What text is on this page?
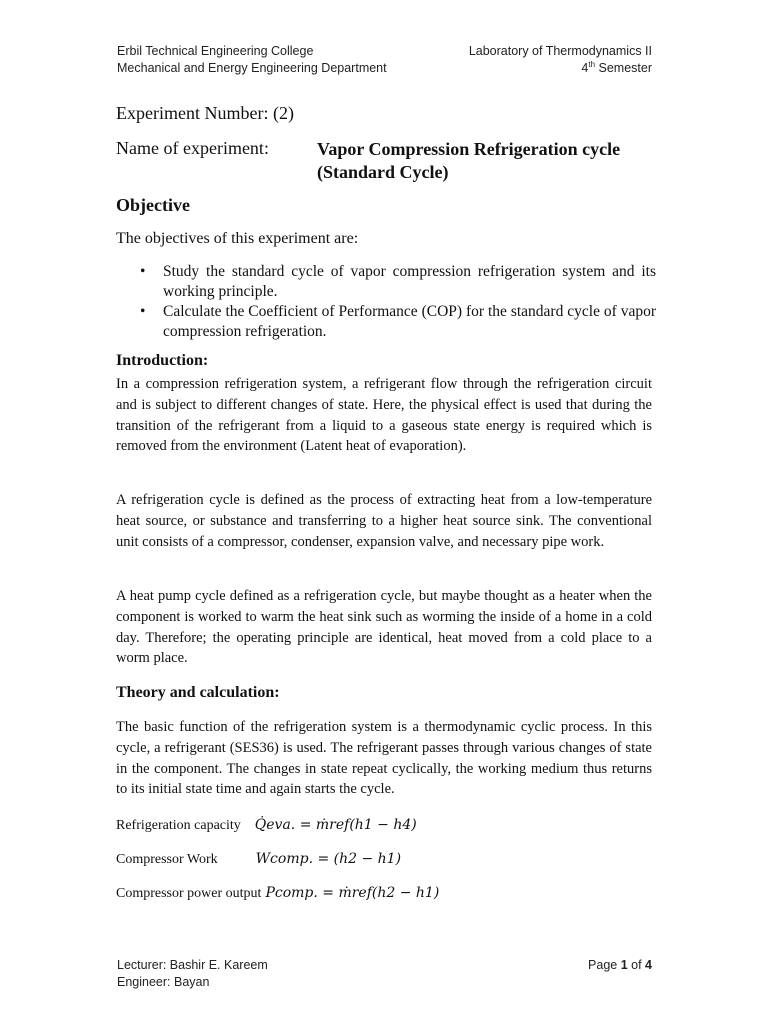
Erbil Technical Engineering College
Mechanical and Energy Engineering Department
Laboratory of Thermodynamics II
4th Semester
Experiment Number: (2)
Name of experiment:	Vapor Compression Refrigeration cycle
(Standard Cycle)
Objective
The objectives of this experiment are:
• Study the standard cycle of vapor compression refrigeration system and its working principle.
• Calculate the Coefficient of Performance (COP) for the standard cycle of vapor compression refrigeration.
Introduction:
In a compression refrigeration system, a refrigerant flow through the refrigeration circuit and is subject to different changes of state. Here, the physical effect is used that during the transition of the refrigerant from a liquid to a gaseous state energy is required which is removed from the environment (Latent heat of evaporation).
A refrigeration cycle is defined as the process of extracting heat from a low-temperature heat source, or substance and transferring to a higher heat source sink. The conventional unit consists of a compressor, condenser, expansion valve, and necessary pipe work.
A heat pump cycle defined as a refrigeration cycle, but maybe thought as a heater when the component is worked to warm the heat sink such as worming the inside of a home in a cold day. Therefore; the operating principle are identical, heat moved from a cold place to a worm place.
Theory and calculation:
The basic function of the refrigeration system is a thermodynamic cyclic process. In this cycle, a refrigerant (SES36) is used. The refrigerant passes through various changes of state in the component. The changes in state repeat cyclically, the working medium thus returns to its initial state time and again starts the cycle.
Refrigeration capacity Q̇eva. = ṁref(h1 − h4)
Compressor Work	Wcomp. = (h2 − h1)
Compressor power output Pcomp. = ṁref(h2 − h1)
Lecturer: Bashir E. Kareem
Engineer: Bayan
Page 1 of 4
